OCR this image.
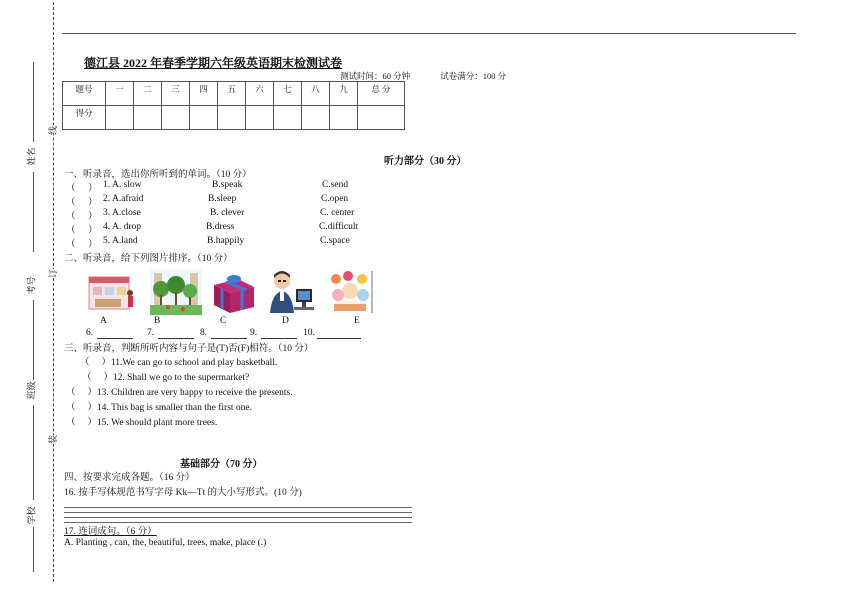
姓名
考号
班级
学校
线
订
装
德江县 2022 年春季学期六年级英语期末检测试卷
测试时间：60 分钟	试卷满分：100 分
题号	一	二	三	四	五	六	七	八	九	总 分
得分										
听力部分（30 分）
一、听录音，选出你所听到的单词。（10 分）
（ ） 1. A. slow	B.speak	C.send
（ ） 2. A.afraid	B.sleep	C.open
（ ） 3. A.close	B. clever	C. center
（ ） 4. A. drop	B.dress	C.difficult
（ ） 5. A.land	B.happily	C.space
二、听录音，给下列图片排序。（10 分）
A	B	C	D	E
6.	7.	8.	9.	10.
三、听录音，判断所听内容与句子是(T)否(F)相符。（10 分）
（　 ）11.We can go to school and play basketball.
（　 ）12. Shall we go to the supermarket?
（　 ）13. Children are very happy to receive the presents.
（　 ）14. This bag is smaller than the first one.
（　 ）15. We should plant more trees.
基础部分（70 分）
四、按要求完成各题。（16 分）
16. 按手写体规范书写字母 Kk—Tt 的大小写形式。(10 分)
17. 连词成句。（6 分）
A. Planting , can, the, beautiful, trees, make, place (.)
